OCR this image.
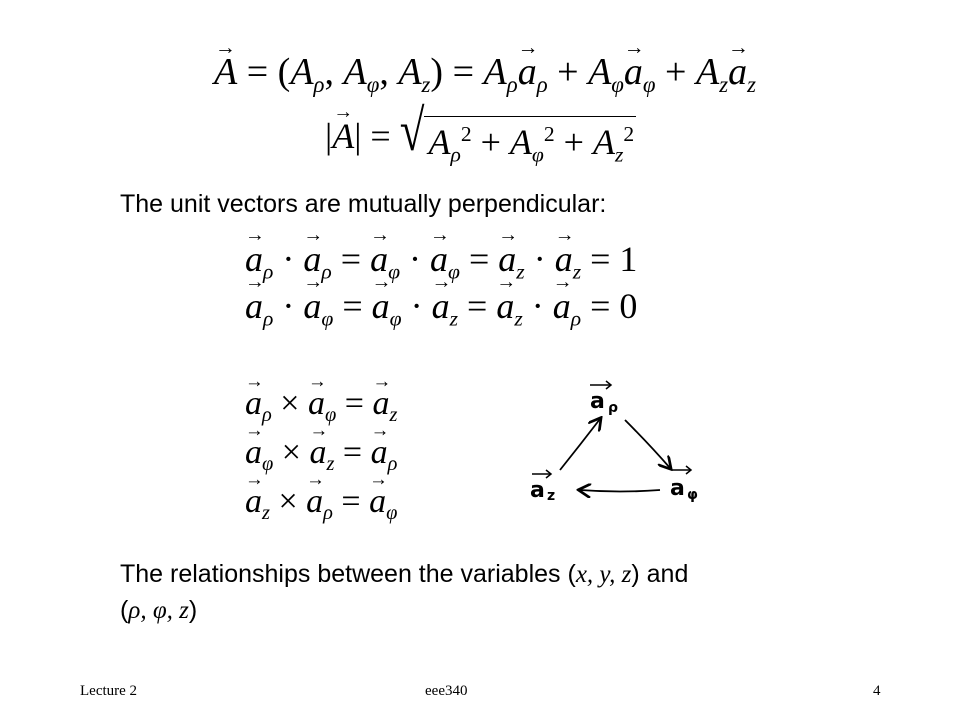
→ $A = (A_\rho$, $A_\varphi$, $A_z) = A_\rho\to a_\rho + A_\varphi\to a_\varphi + A_z\to a_z$
|→ A| = √ $A_\rho^2 + A_\varphi^2 + A_z^2$
The unit vectors are mutually perpendicular:
→ $a_\rho$ · → $a_\rho$ = → $a_\varphi$ · → $a_\varphi$ = → $a_z$ · → $a_z = 1$
→ $a_\rho$ · → $a_\varphi$ = → $a_\varphi$ · → $a_z$ = → $a_z$ · → $a_\rho = 0$
→ $a_\rho$ × → $a_\varphi$ = → $a_z$
→ $a_\varphi$ × → $a_z$ = → $a_\rho$
→ $a_z$ × → $a_\rho$ = → $a_\varphi$
a ρ
a φ
a z
The relationships between the variables (x, y, z) and
(ρ, φ, z)
Lecture 2	eee340	4
